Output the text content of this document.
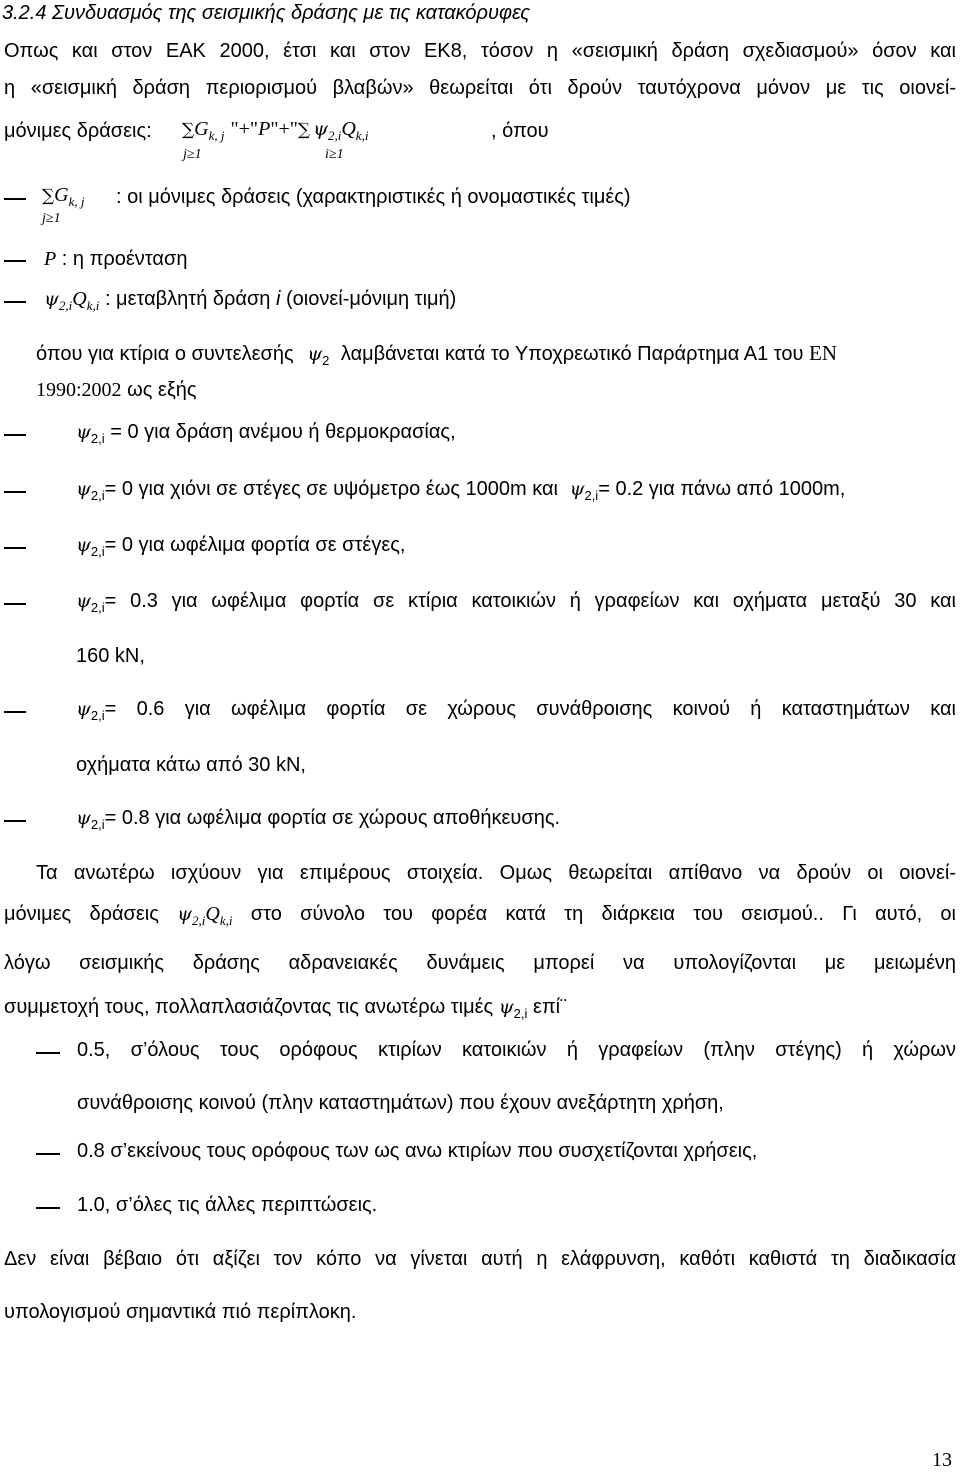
3.2.4 Συνδυασμός της σεισμικής δράσης με τις κατακόρυφες
Οπως και στον ΕΑΚ 2000, έτσι και στον ΕΚ8, τόσον η «σεισμική δράση σχεδιασμού» όσον και
η «σεισμική δράση περιορισμού βλαβών» θεωρείται ότι δρούν ταυτόχρονα μόνον με τις οιονεί-
μόνιμες δράσεις: $\sum G_{k, j}$ "+"P"+"∑ $\psi_{2,i}Q_{k,i}$	, όπου
j≥1	i≥1
$\sum G_{k, j}$
j≥1
: οι μόνιμες δράσεις (χαρακτηριστικές ή ονομαστικές τιμές)
P : η προένταση
$\psi_{2,i}Q_{k,i}$ : μεταβλητή δράση i (οιονεί-μόνιμη τιμή)
όπου για κτίρια ο συντελεσής $\psi_2$ λαμβάνεται κατά το Υποχρεωτικό Παράρτημα Α1 του EN
1990:2002 ως εξής
$\psi_{2,i} = 0$ για δράση ανέμου ή θερμοκρασίας,
$\psi_{2,i}= 0$ για χιόνι σε στέγες σε υψόμετρο έως 1000m και $\psi_{2,i}= 0.2$ για πάνω από 1000m,
$\psi_{2,i}= 0$ για ωφέλιμα φορτία σε στέγες,
$\psi_{2,i}= 0.3$ για ωφέλιμα φορτία σε κτίρια κατοικιών ή γραφείων και οχήματα μεταξύ 30 και
160 kN,
$\psi_{2,i}= 0.6$ για ωφέλιμα φορτία σε χώρους συνάθροισης κοινού ή καταστημάτων και
οχήματα κάτω από 30 kN,
$\psi_{2,i}= 0.8$ για ωφέλιμα φορτία σε χώρους αποθήκευσης.
Τα ανωτέρω ισχύουν για επιμέρους στοιχεία. Ομως θεωρείται απίθανο να δρούν οι οιονεί-
μόνιμες δράσεις $\psi_{2,i}Q_{k,i}$ στο σύνολο του φορέα κατά τη διάρκεια του σεισμού.. Γι αυτό, οι
λόγω σεισμικής δράσης αδρανειακές δυνάμεις μπορεί να υπολογίζονται με μειωμένη
συμμετοχή τους, πολλαπλασιάζοντας τις ανωτέρω τιμές $\psi_{2,i}$ επί¨
0.5, σ’όλους τους ορόφους κτιρίων κατοικιών ή γραφείων (πλην στέγης) ή χώρων
συνάθροισης κοινού (πλην καταστημάτων) που έχουν ανεξάρτητη χρήση,
0.8 σ’εκείνους τους ορόφους των ως ανω κτιρίων που συσχετίζονται χρήσεις,
1.0, σ’όλες τις άλλες περιπτώσεις.
Δεν είναι βέβαιο ότι αξίζει τον κόπο να γίνεται αυτή η ελάφρυνση, καθότι καθιστά τη διαδικασία
υπολογισμού σημαντικά πιό περίπλοκη.
13
